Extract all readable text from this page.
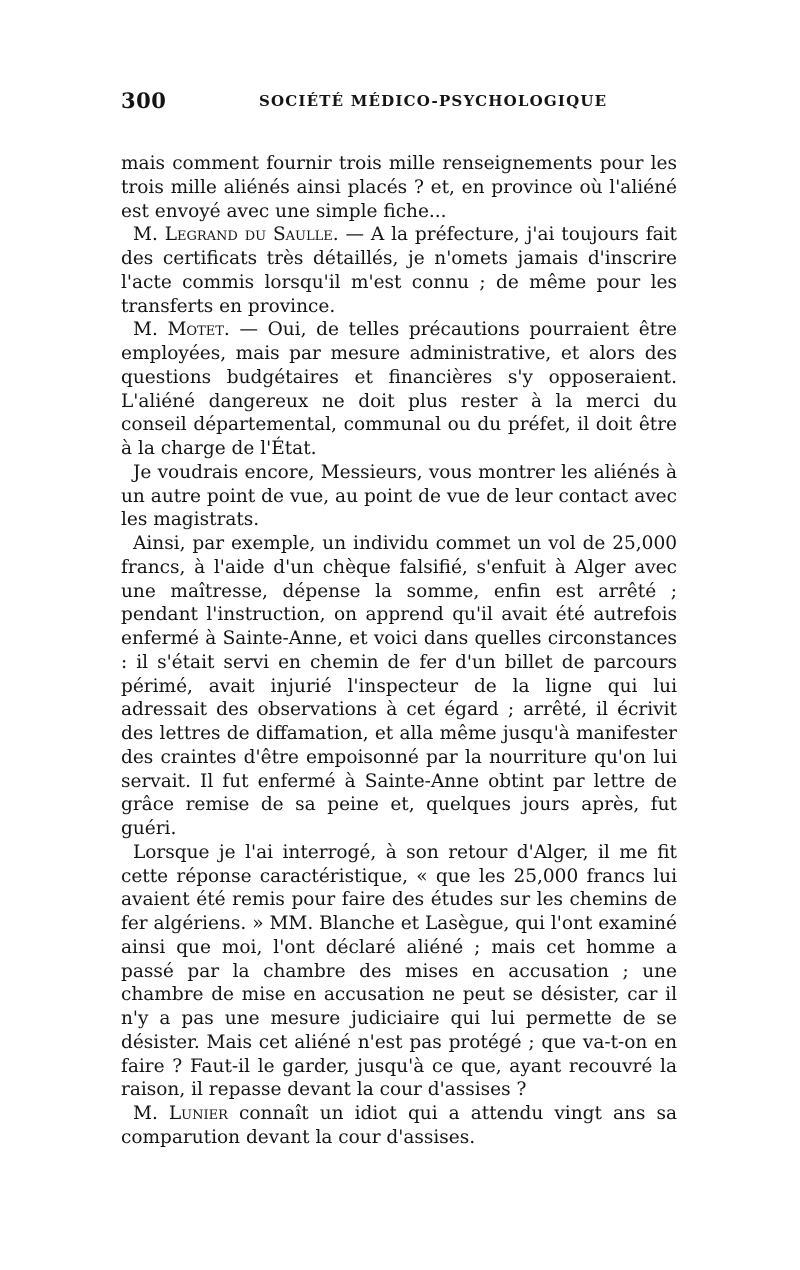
300	SOCIÉTÉ MÉDICO-PSYCHOLOGIQUE

mais comment fournir trois mille renseignements pour les trois mille aliénés ainsi placés ? et, en province où l'aliéné est envoyé avec une simple fiche...

M. Legrand du Saulle. — A la préfecture, j'ai toujours fait des certificats très détaillés, je n'omets jamais d'inscrire l'acte commis lorsqu'il m'est connu ; de même pour les transferts en province.

M. Motet. — Oui, de telles précautions pourraient être employées, mais par mesure administrative, et alors des questions budgétaires et financières s'y opposeraient. L'aliéné dangereux ne doit plus rester à la merci du conseil départemental, communal ou du préfet, il doit être à la charge de l'État.

Je voudrais encore, Messieurs, vous montrer les aliénés à un autre point de vue, au point de vue de leur contact avec les magistrats.

Ainsi, par exemple, un individu commet un vol de 25,000 francs, à l'aide d'un chèque falsifié, s'enfuit à Alger avec une maîtresse, dépense la somme, enfin est arrêté ; pendant l'instruction, on apprend qu'il avait été autrefois enfermé à Sainte-Anne, et voici dans quelles circonstances : il s'était servi en chemin de fer d'un billet de parcours périmé, avait injurié l'inspecteur de la ligne qui lui adressait des observations à cet égard ; arrêté, il écrivit des lettres de diffamation, et alla même jusqu'à manifester des craintes d'être empoisonné par la nourriture qu'on lui servait. Il fut enfermé à Sainte-Anne obtint par lettre de grâce remise de sa peine et, quelques jours après, fut guéri.

Lorsque je l'ai interrogé, à son retour d'Alger, il me fit cette réponse caractéristique, « que les 25,000 francs lui avaient été remis pour faire des études sur les chemins de fer algériens. » MM. Blanche et Lasègue, qui l'ont examiné ainsi que moi, l'ont déclaré aliéné ; mais cet homme a passé par la chambre des mises en accusation ; une chambre de mise en accusation ne peut se désister, car il n'y a pas une mesure judiciaire qui lui permette de se désister. Mais cet aliéné n'est pas protégé ; que va-t-on en faire ? Faut-il le garder, jusqu'à ce que, ayant recouvré la raison, il repasse devant la cour d'assises ?

M. Lunier connaît un idiot qui a attendu vingt ans sa comparution devant la cour d'assises.
